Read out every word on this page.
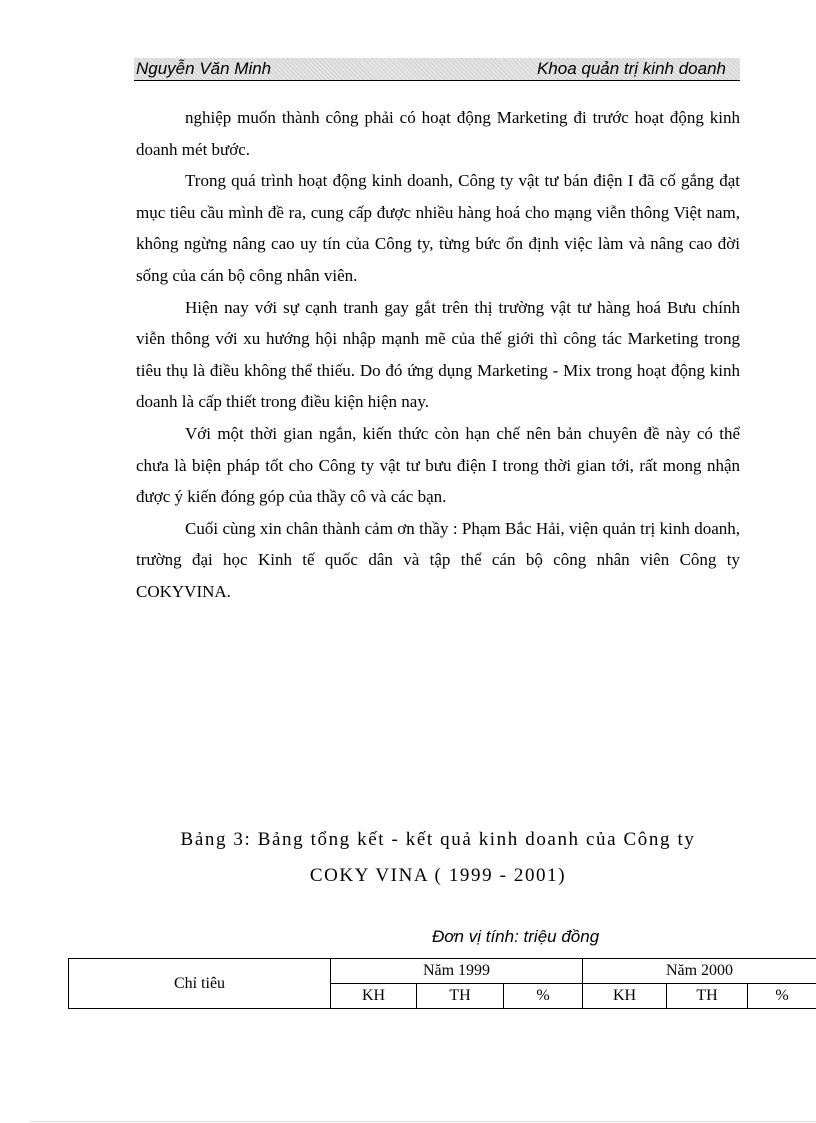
Nguyễn Văn Minh	Khoa quản trị kinh doanh

nghiệp muốn thành công phải có hoạt động Marketing đi trước hoạt động kinh doanh mét bước.

Trong quá trình hoạt động kinh doanh, Công ty vật tư bán điện I đã cố gắng đạt mục tiêu cầu mình đề ra, cung cấp được nhiều hàng hoá cho mạng viễn thông Việt nam, không ngừng nâng cao uy tín của Công ty, từng bức ổn định việc làm và nâng cao đời sống của cán bộ công nhân viên.

Hiện nay với sự cạnh tranh gay gắt trên thị trường vật tư hàng hoá Bưu chính viễn thông với xu hướng hội nhập mạnh mẽ của thế giới thì công tác Marketing trong tiêu thụ là điều không thể thiếu. Do đó ứng dụng Marketing - Mix trong hoạt động kinh doanh là cấp thiết trong điều kiện hiện nay.

Với một thời gian ngắn, kiến thức còn hạn chế nên bản chuyên đề này có thể chưa là biện pháp tốt cho Công ty vật tư bưu điện I trong thời gian tới, rất mong nhận được ý kiến đóng góp của thầy cô và các bạn.

Cuối cùng xin chân thành cảm ơn thầy : Phạm Bắc Hải, viện quản trị kinh doanh, trường đại học Kinh tế quốc dân và tập thể cán bộ công nhân viên Công ty COKYVINA.

Bảng 3: Bảng tổng kết - kết quả kinh doanh của Công ty
COKY VINA ( 1999 - 2001)
Đơn vị tính: triệu đồng
Chỉ tiêu	Năm 1999			Năm 2000		
	KH	TH	%	KH	TH	%
